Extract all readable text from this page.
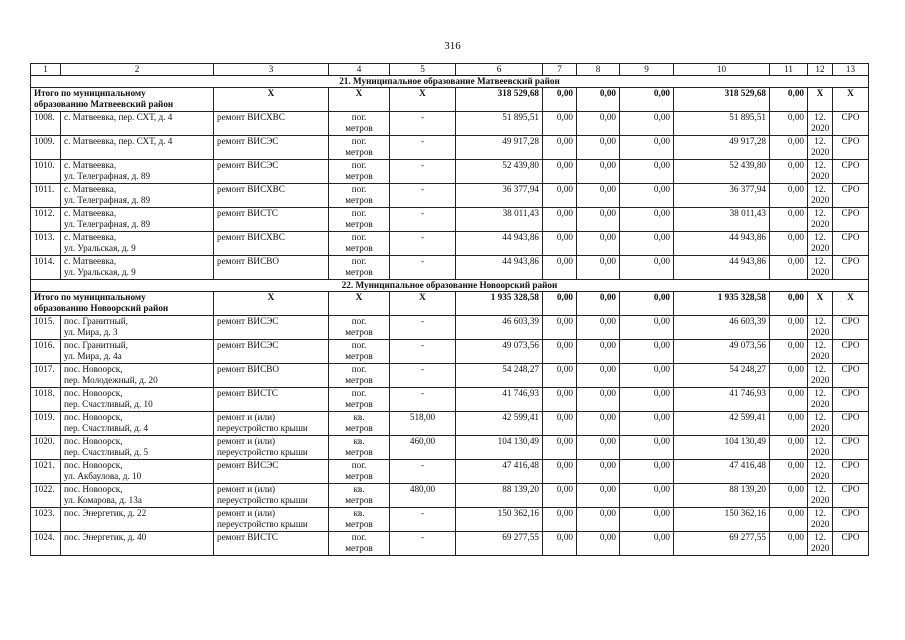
316
1	2	3	4	5	6	7	8	9	10	11	12	13
21. Муниципальное образование Матвеевский район												

Итого по муниципальному
образованию Матвеевский район		X	X	X	318 529,68	0,00	0,00	0,00	318 529,68	0,00	X	X
1008.	с. Матвеевка, пер. СХТ, д. 4	ремонт ВИСХВС	пог.
метров	-	51 895,51	0,00	0,00	0,00	51 895,51	0,00	12.
2020	СРО
1009.	с. Матвеевка, пер. СХТ, д. 4	ремонт ВИСЭС	пог.
метров	-	49 917,28	0,00	0,00	0,00	49 917,28	0,00	12.
2020	СРО
1010.	с. Матвеевка,
ул. Телеграфная, д. 89	ремонт ВИСЭС	пог.
метров	-	52 439,80	0,00	0,00	0,00	52 439,80	0,00	12.
2020	СРО
1011.	с. Матвеевка,
ул. Телеграфная, д. 89	ремонт ВИСХВС	пог.
метров	-	36 377,94	0,00	0,00	0,00	36 377,94	0,00	12.
2020	СРО
1012.	с. Матвеевка,
ул. Телеграфная, д. 89	ремонт ВИСТС	пог.
метров	-	38 011,43	0,00	0,00	0,00	38 011,43	0,00	12.
2020	СРО
1013.	с. Матвеевка,
ул. Уральская, д. 9	ремонт ВИСХВС	пог.
метров	-	44 943,86	0,00	0,00	0,00	44 943,86	0,00	12.
2020	СРО
1014.	с. Матвеевка,
ул. Уральская, д. 9	ремонт ВИСВО	пог.
метров	-	44 943,86	0,00	0,00	0,00	44 943,86	0,00	12.
2020	СРО
22. Муниципальное образование Новоорский район												

Итого по муниципальному
образованию Новоорский район		X	X	X	1 935 328,58	0,00	0,00	0,00	1 935 328,58	0,00	X	X
1015.	пос. Гранитный,
ул. Мира, д. 3	ремонт ВИСЭС	пог.
метров	-	46 603,39	0,00	0,00	0,00	46 603,39	0,00	12.
2020	СРО
1016.	пос. Гранитный,
ул. Мира, д. 4а	ремонт ВИСЭС	пог.
метров	-	49 073,56	0,00	0,00	0,00	49 073,56	0,00	12.
2020	СРО
1017.	пос. Новоорск,
пер. Молодежный, д. 20	ремонт ВИСВО	пог.
метров	-	54 248,27	0,00	0,00	0,00	54 248,27	0,00	12.
2020	СРО
1018.	пос. Новоорск,
пер. Счастливый, д. 10	ремонт ВИСТС	пог.
метров	-	41 746,93	0,00	0,00	0,00	41 746,93	0,00	12.
2020	СРО
1019.	пос. Новоорск,
пер. Счастливый, д. 4	ремонт и (или)
переустройство крыши	кв.
метров	518,00	42 599,41	0,00	0,00	0,00	42 599,41	0,00	12.
2020	СРО
1020.	пос. Новоорск,
пер. Счастливый, д. 5	ремонт и (или)
переустройство крыши	кв.
метров	460,00	104 130,49	0,00	0,00	0,00	104 130,49	0,00	12.
2020	СРО
1021.	пос. Новоорск,
ул. Акбаулова, д. 10	ремонт ВИСЭС	пог.
метров	-	47 416,48	0,00	0,00	0,00	47 416,48	0,00	12.
2020	СРО
1022.	пос. Новоорск,
ул. Комарова, д. 13а	ремонт и (или)
переустройство крыши	кв.
метров	480,00	88 139,20	0,00	0,00	0,00	88 139,20	0,00	12.
2020	СРО
1023.	пос. Энергетик, д. 22	ремонт и (или)
переустройство крыши	кв.
метров	-	150 362,16	0,00	0,00	0,00	150 362,16	0,00	12.
2020	СРО
1024.	пос. Энергетик, д. 40	ремонт ВИСТС	пог.
метров	-	69 277,55	0,00	0,00	0,00	69 277,55	0,00	12.
2020	СРО
